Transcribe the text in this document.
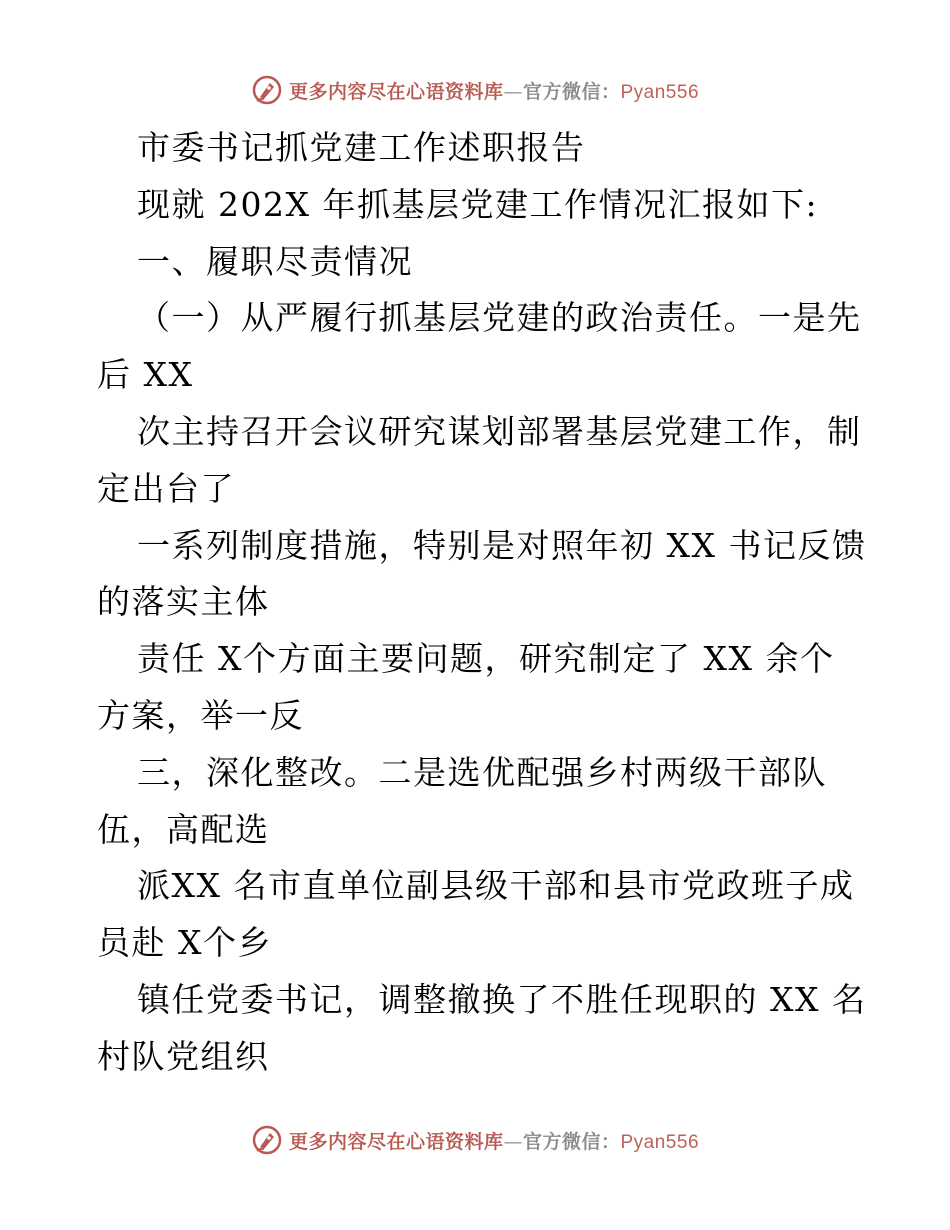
更多内容尽在心语资料库—官方微信：Pyan556
市委书记抓党建工作述职报告
现就 202X 年抓基层党建工作情况汇报如下:
一、履职尽责情况
（一）从严履行抓基层党建的政治责任。一是先
后 XX
次主持召开会议研究谋划部署基层党建工作，制
定出台了
一系列制度措施，特别是对照年初 XX 书记反馈
的落实主体
责任 X个方面主要问题，研究制定了 XX 余个
方案，举一反
三，深化整改。二是选优配强乡村两级干部队
伍，高配选
派XX 名市直单位副县级干部和县市党政班子成
员赴 X个乡
镇任党委书记，调整撤换了不胜任现职的 XX 名
村队党组织
更多内容尽在心语资料库—官方微信：Pyan556
